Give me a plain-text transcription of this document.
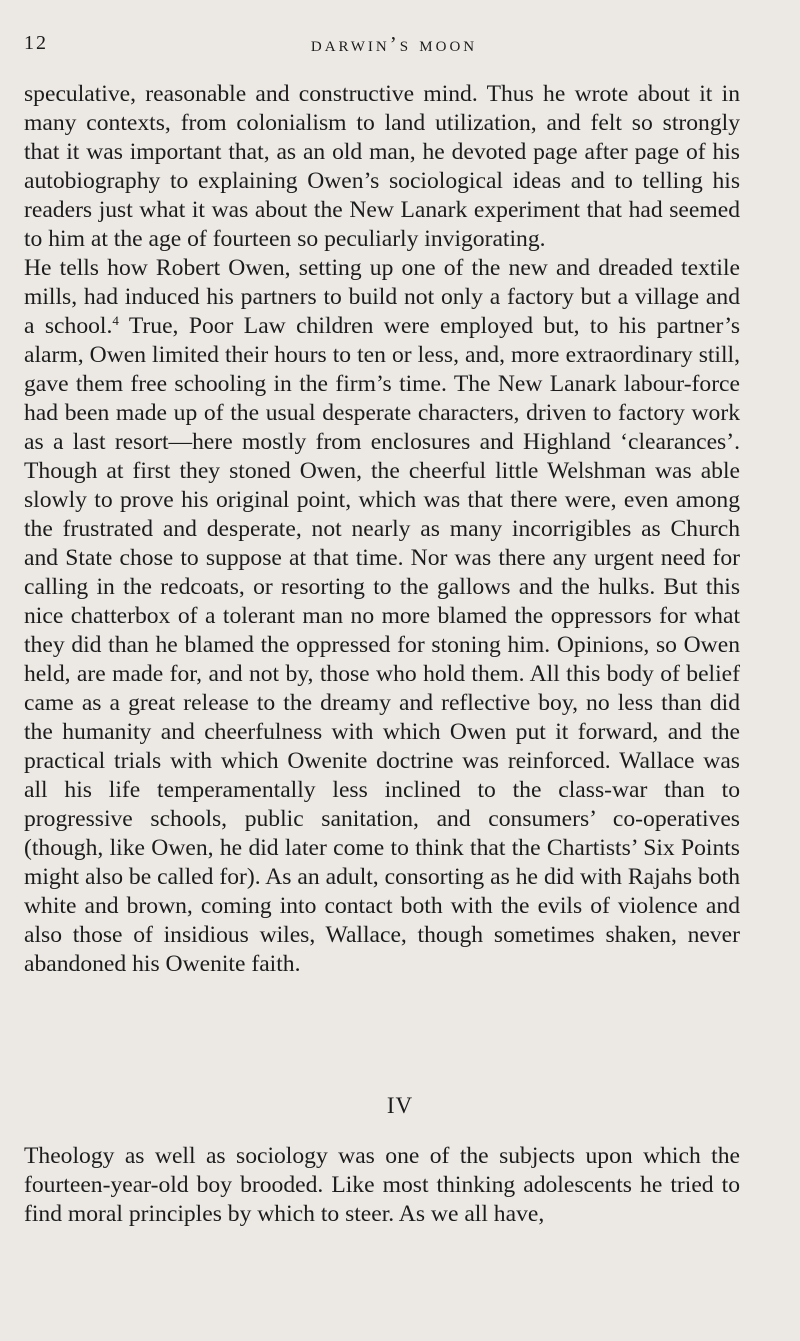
12	darwin’s moon

speculative, reasonable and constructive mind. Thus he wrote about it in many contexts, from colonialism to land utilization, and felt so strongly that it was important that, as an old man, he devoted page after page of his autobiography to explaining Owen’s sociological ideas and to telling his readers just what it was about the New Lanark experiment that had seemed to him at the age of fourteen so peculiarly invigorating.

He tells how Robert Owen, setting up one of the new and dreaded textile mills, had induced his partners to build not only a factory but a village and a school.$^4$ True, Poor Law children were employed but, to his partner’s alarm, Owen limited their hours to ten or less, and, more extraordinary still, gave them free schooling in the firm’s time. The New Lanark labour-force had been made up of the usual desperate characters, driven to factory work as a last resort—here mostly from enclosures and Highland ‘clearances’. Though at first they stoned Owen, the cheerful little Welshman was able slowly to prove his original point, which was that there were, even among the frustrated and desperate, not nearly as many incorrigibles as Church and State chose to suppose at that time. Nor was there any urgent need for calling in the redcoats, or resorting to the gallows and the hulks. But this nice chatterbox of a tolerant man no more blamed the oppressors for what they did than he blamed the oppressed for stoning him. Opinions, so Owen held, are made for, and not by, those who hold them. All this body of belief came as a great release to the dreamy and reflective boy, no less than did the humanity and cheerfulness with which Owen put it forward, and the practical trials with which Owenite doctrine was reinforced. Wallace was all his life temperamentally less inclined to the class-war than to progressive schools, public sanitation, and consumers’ co-operatives (though, like Owen, he did later come to think that the Chartists’ Six Points might also be called for). As an adult, consorting as he did with Rajahs both white and brown, coming into contact both with the evils of violence and also those of insidious wiles, Wallace, though sometimes shaken, never abandoned his Owenite faith.

IV

Theology as well as sociology was one of the subjects upon which the fourteen-year-old boy brooded. Like most thinking adolescents he tried to find moral principles by which to steer. As we all have,
